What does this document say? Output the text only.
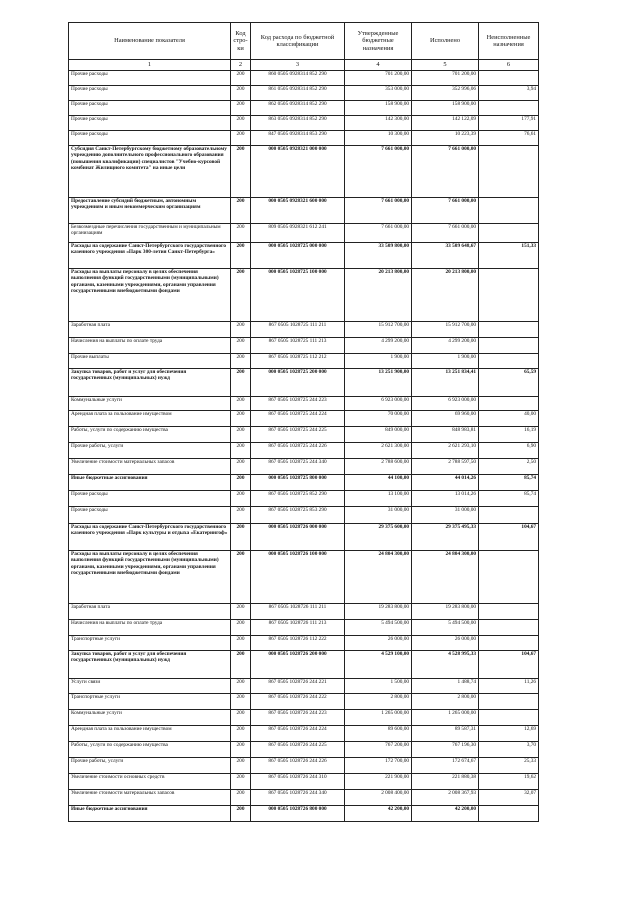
Наименование показателя	Код стро-ки	Код расхода по бюджетной классификации	Утвержденные бюджетные назначения	Исполнено	Неисполненные назначения
1	2	3	4	5	6
Прочие расходы	200	860 0505 0928314 852 290	701 200,00	701 200,00	
Прочие расходы	200	861 0505 0928314 852 290	353 000,00	352 996,06	3,94
Прочие расходы	200	862 0505 0928314 852 290	158 900,00	158 900,00	
Прочие расходы	200	863 0505 0928314 852 290	142 300,00	142 122,09	177,91
Прочие расходы	200	847 0505 0928314 853 290	10 300,00	10 223,39	76,61
Субсидия Санкт-Петербургскому бюджетному образовательному учреждению дополнительного профессионального образования (повышения квалификации) специалистов "Учебно-курсовой комбинат Жилищного комитета" на иные цели	200	000 0505 0928321 000 000	7 661 000,00	7 661 000,00	
Предоставление субсидий бюджетным, автономным учреждениям и иным некоммерческим организациям	200	000 0505 0928321 600 000	7 661 000,00	7 661 000,00	
Безвозмездные перечисления государственным и муниципальным организациям	200	809 0505 0928321 612 241	7 661 000,00	7 661 000,00	
Расходы на содержание Санкт-Петербургского государственного казенного учреждения «Парк 300-летия Санкт-Петербурга»	200	000 0505 1028725 000 000	33 509 800,00	33 509 648,67	151,33
Расходы на выплаты персоналу в целях обеспечения выполнения функций государственными (муниципальными) органами, казенными учреждениями, органами управления государственными внебюджетными фондами	200	000 0505 1028725 100 000	20 213 800,00	20 213 800,00	
Заработная плата	200	867 0505 1028725 111 211	15 912 700,00	15 912 700,00	
Начисления на выплаты по оплате труда	200	867 0505 1028725 111 213	4 299 200,00	4 299 200,00	
Прочие выплаты	200	867 0505 1028725 112 212	1 900,00	1 900,00	
Закупка товаров, работ и услуг для обеспечения государственных (муниципальных) нужд	200	000 0505 1028725 200 000	13 251 900,00	13 251 834,41	65,59
Коммунальные услуги	200	867 0505 1028725 244 223	6 923 000,00	6 923 000,00	
Арендная плата за пользование имуществом	200	867 0505 1028725 244 224	70 000,00	69 960,00	40,00
Работы, услуги по содержанию имущества	200	867 0505 1028725 244 225	849 000,00	848 983,81	16,19
Прочие работы, услуги	200	867 0505 1028725 244 226	2 621 300,00	2 621 293,10	6,90
Увеличение стоимости материальных запасов	200	867 0505 1028725 244 340	2 788 600,00	2 788 597,50	2,50
Иные бюджетные ассигнования	200	000 0505 1028725 800 000	44 100,00	44 014,26	85,74
Прочие расходы	200	867 0505 1028725 852 290	13 100,00	13 014,26	85,74
Прочие расходы	200	867 0505 1028725 853 290	31 000,00	31 000,00	
Расходы на содержание Санкт-Петербургского государственного казенного учреждения «Парк культуры и отдыха «Екатерингоф»	200	000 0505 1028726 000 000	29 375 600,00	29 375 495,33	104,67
Расходы на выплаты персоналу в целях обеспечения выполнения функций государственными (муниципальными) органами, казенными учреждениями, органами управления государственными внебюджетными фондами	200	000 0505 1028726 100 000	24 804 300,00	24 804 300,00	
Заработная плата	200	867 0505 1028726 111 211	19 283 800,00	19 283 800,00	
Начисления на выплаты по оплате труда	200	867 0505 1028726 111 213	5 494 500,00	5 494 500,00	
Транспортные услуги	200	867 0505 1028726 112 222	26 000,00	26 000,00	
Закупка товаров, работ и услуг для обеспечения государственных (муниципальных) нужд	200	000 0505 1028726 200 000	4 529 100,00	4 528 995,33	104,67
Услуги связи	200	867 0505 1028726 244 221	1 500,00	1 488,74	11,26
Транспортные услуги	200	867 0505 1028726 244 222	2 800,00	2 800,00	
Коммунальные услуги	200	867 0505 1028726 244 223	1 265 000,00	1 265 000,00	
Арендная плата за пользование имуществом	200	867 0505 1028726 244 224	89 600,00	89 587,31	12,69
Работы, услуги по содержанию имущества	200	867 0505 1028726 244 225	767 200,00	767 196,30	3,70
Прочие работы, услуги	200	867 0505 1028726 244 226	172 700,00	172 674,67	25,33
Увеличение стоимости основных средств	200	867 0505 1028726 244 310	221 900,00	221 880,38	19,62
Увеличение стоимости материальных запасов	200	867 0505 1028726 244 340	2 008 400,00	2 008 367,93	32,07
Иные бюджетные ассигнования	200	000 0505 1028726 800 000	42 200,00	42 200,00	
